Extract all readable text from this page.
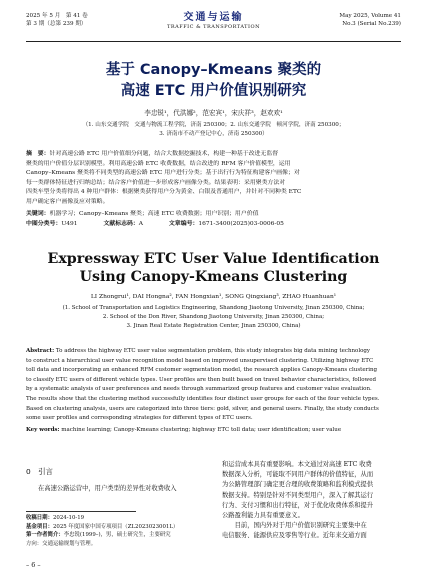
2025 年 5 月　第 41 卷
第 3 期（总第 239 期）
交通与运输
TRAFFIC & TRANSPORTATION
May 2025, Volume 41
No.3 (Serial No.239)
基于 Canopy–Kmeans 聚类的
高速 ETC 用户价值识别研究
李忠锐¹，代洪娜²，范宏宾¹，宋庆祥³，赵欢欢¹
（1. 山东交通学院　交通与物流工程学院，济南 250300；2. 山东交通学院　顿河学院，济南 250300；
3. 济南市不动产登记中心，济南 250300）
摘　要：针对高速公路 ETC 用户价值细分问题，结合大数据挖掘技术，构建一种基于改进无监督
聚类的用户价值分层识别模型。利用高速公路 ETC 收费数据，结合改进的 RFM 客户价值模型，运用
Canopy–Kmeans 聚类将不同类型的高速公路 ETC 用户进行分类；基于出行行为特征构建客户画像；对
每一类群体特征进行归纳总结；结合客户价值进一步形成客户画像分类。结果表明：采用聚类方法对
四类车型分类将得出 4 种用户群体：根据聚类获得用户分为黄金、白银及普通用户，并针对不同种类 ETC
用户确定客户画像及应对策略。
关键词：机器学习；Canopy–Kmeans 聚类；高速 ETC 收费数据；用户识别；用户价值
中图分类号：U491	文献标志码：A	文章编号：1671-3400(2025)03-0006-05
Expressway ETC User Value Identification
Using Canopy-Kmeans Clustering
LI Zhongrui¹, DAI Hongna², FAN Hongxian¹, SONG Qingxiang³, ZHAO Huanhuan¹
(1. School of Transportation and Logistics Engineering, Shandong Jiaotong University, Jinan 250300, China;
2. School of the Don River, Shandong Jiaotong University, Jinan 250300, China;
3. Jinan Real Estate Registration Center, Jinan 250300, China)
Abstract: To address the highway ETC user value segmentation problem, this study integrates big data mining technology
to construct a hierarchical user value recognition model based on improved unsupervised clustering. Utilizing highway ETC
toll data and incorporating an enhanced RFM customer segmentation model, the research applies Canopy-Kmeans clustering
to classify ETC users of different vehicle types. User profiles are then built based on travel behavior characteristics, followed
by a systematic analysis of user preferences and needs through summarized group features and customer value evaluation.
The results show that the clustering method successfully identifies four distinct user groups for each of the four vehicle types.
Based on clustering analysis, users are categorized into three tiers: gold, silver, and general users. Finally, the study conducts
some user profiles and corresponding strategies for different types of ETC users.
Key words: machine learning; Canopy-Kmeans clustering; highway ETC toll data; user identification; user value
0　引言
在高速公路运营中，用户类型的差异性对收费收入
和运营成本具有重要影响。本文通过对高速 ETC 收费
数据深入分析，可能取不同用户群体的价值特征，从而
为公路管理部门确定更合理的收费策略和监利模式提供
数据支持。特别是针对不同类型用户，深入了解其运行
行为、支付习惯和出行特征，对于优化收费体系和提升
公路盈利能力具有重要意义。
　　目前，国内外对于用户价值识别研究主要集中在
电信服务、能源供应及零售等行业。近年来交通方面
收稿日期：2024-10-19
基金项目：2025 年度国家中国专项项目（ZL2023023001L）
第一作者简介：李忠锐(1999–)，男，硕士研究生，主要研究
方向：交通运输规划与管理。
– 6 –
